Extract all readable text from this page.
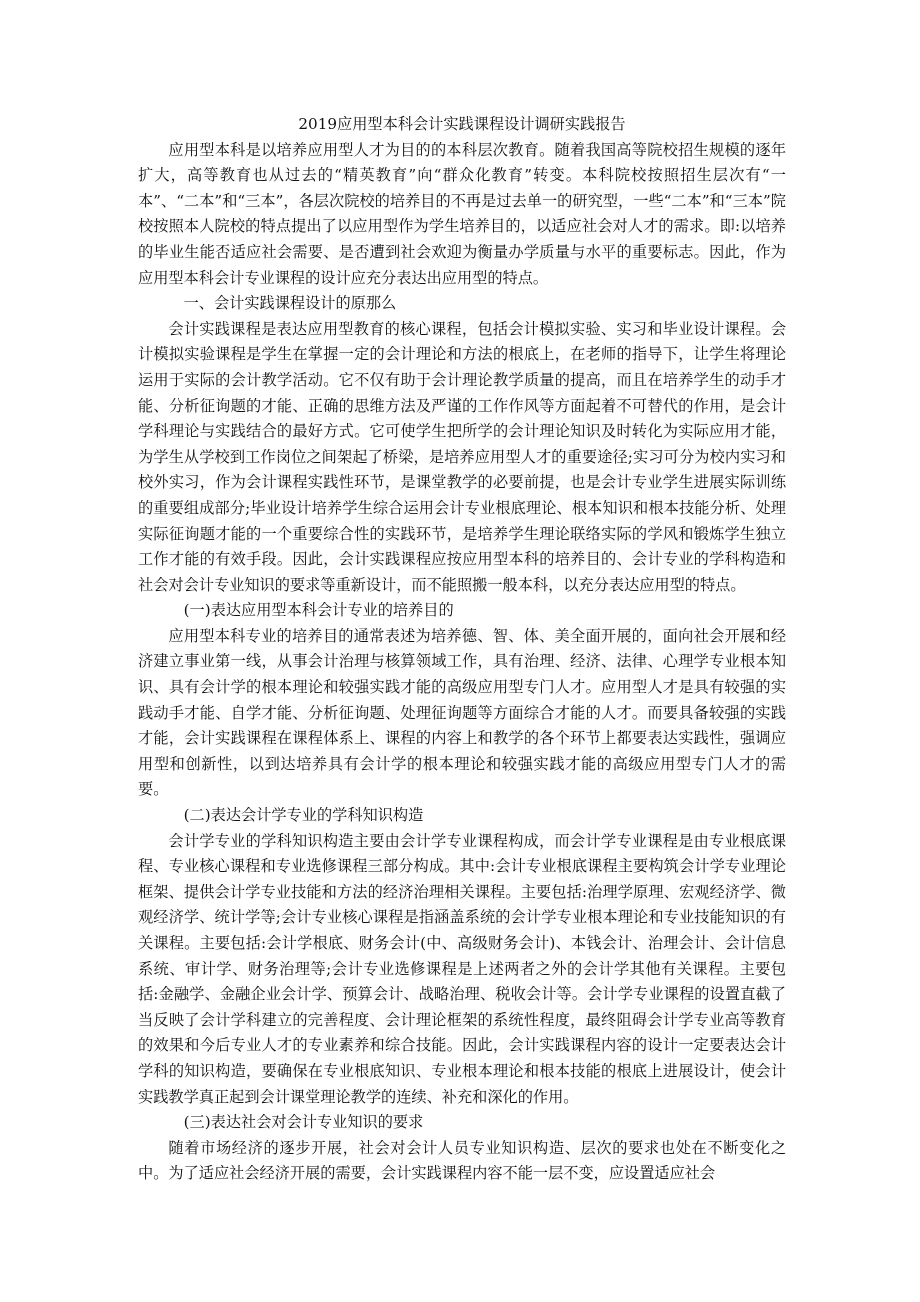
2019应用型本科会计实践课程设计调研实践报告

应用型本科是以培养应用型人才为目的的本科层次教育。随着我国高等院校招生规模的逐年扩大，高等教育也从过去的“精英教育”向“群众化教育”转变。本科院校按照招生层次有“一本”、“二本”和“三本”，各层次院校的培养目的不再是过去单一的研究型，一些“二本”和“三本”院校按照本人院校的特点提出了以应用型作为学生培养目的，以适应社会对人才的需求。即:以培养的毕业生能否适应社会需要、是否遭到社会欢迎为衡量办学质量与水平的重要标志。因此，作为应用型本科会计专业课程的设计应充分表达出应用型的特点。

一、会计实践课程设计的原那么

会计实践课程是表达应用型教育的核心课程，包括会计模拟实验、实习和毕业设计课程。会计模拟实验课程是学生在掌握一定的会计理论和方法的根底上，在老师的指导下，让学生将理论运用于实际的会计教学活动。它不仅有助于会计理论教学质量的提高，而且在培养学生的动手才能、分析征询题的才能、正确的思维方法及严谨的工作作风等方面起着不可替代的作用，是会计学科理论与实践结合的最好方式。它可使学生把所学的会计理论知识及时转化为实际应用才能，为学生从学校到工作岗位之间架起了桥梁，是培养应用型人才的重要途径;实习可分为校内实习和校外实习，作为会计课程实践性环节，是课堂教学的必要前提，也是会计专业学生进展实际训练的重要组成部分;毕业设计培养学生综合运用会计专业根底理论、根本知识和根本技能分析、处理实际征询题才能的一个重要综合性的实践环节，是培养学生理论联络实际的学风和锻炼学生独立工作才能的有效手段。因此，会计实践课程应按应用型本科的培养目的、会计专业的学科构造和社会对会计专业知识的要求等重新设计，而不能照搬一般本科，以充分表达应用型的特点。

(一)表达应用型本科会计专业的培养目的

应用型本科专业的培养目的通常表述为培养德、智、体、美全面开展的，面向社会开展和经济建立事业第一线，从事会计治理与核算领域工作，具有治理、经济、法律、心理学专业根本知识、具有会计学的根本理论和较强实践才能的高级应用型专门人才。应用型人才是具有较强的实践动手才能、自学才能、分析征询题、处理征询题等方面综合才能的人才。而要具备较强的实践才能，会计实践课程在课程体系上、课程的内容上和教学的各个环节上都要表达实践性，强调应用型和创新性，以到达培养具有会计学的根本理论和较强实践才能的高级应用型专门人才的需要。

(二)表达会计学专业的学科知识构造

会计学专业的学科知识构造主要由会计学专业课程构成，而会计学专业课程是由专业根底课程、专业核心课程和专业选修课程三部分构成。其中:会计专业根底课程主要构筑会计学专业理论框架、提供会计学专业技能和方法的经济治理相关课程。主要包括:治理学原理、宏观经济学、微观经济学、统计学等;会计专业核心课程是指涵盖系统的会计学专业根本理论和专业技能知识的有关课程。主要包括:会计学根底、财务会计(中、高级财务会计)、本钱会计、治理会计、会计信息系统、审计学、财务治理等;会计专业选修课程是上述两者之外的会计学其他有关课程。主要包括:金融学、金融企业会计学、预算会计、战略治理、税收会计等。会计学专业课程的设置直截了当反映了会计学科建立的完善程度、会计理论框架的系统性程度，最终阻碍会计学专业高等教育的效果和今后专业人才的专业素养和综合技能。因此，会计实践课程内容的设计一定要表达会计学科的知识构造，要确保在专业根底知识、专业根本理论和根本技能的根底上进展设计，使会计实践教学真正起到会计课堂理论教学的连续、补充和深化的作用。

(三)表达社会对会计专业知识的要求

随着市场经济的逐步开展，社会对会计人员专业知识构造、层次的要求也处在不断变化之中。为了适应社会经济开展的需要，会计实践课程内容不能一层不变，应设置适应社会
